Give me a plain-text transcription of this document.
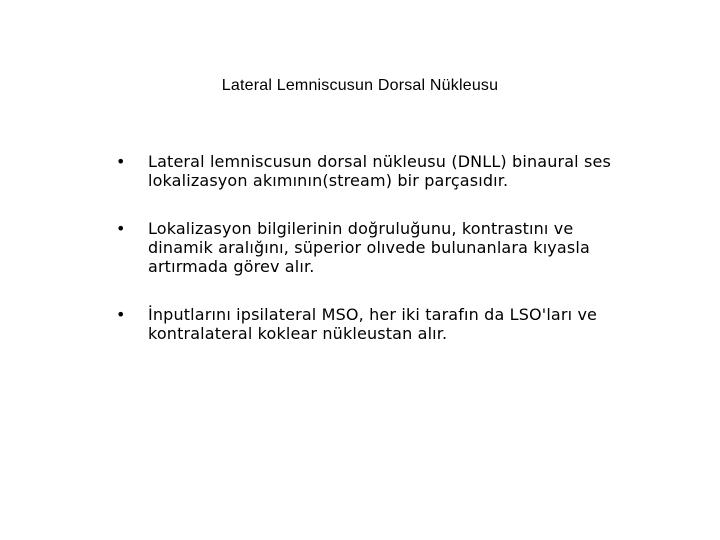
Lateral Lemniscusun Dorsal Nükleusu
•	Lateral lemniscusun dorsal nükleusu (DNLL) binaural ses lokalizasyon akımının(stream) bir parçasıdır.
•	Lokalizasyon bilgilerinin doğruluğunu, kontrastını ve dinamik aralığını, süperior olıvede bulunanlara kıyasla artırmada görev alır.
•	İnputlarını ipsilateral MSO, her iki tarafın da LSO'ları ve kontralateral koklear nükleustan alır.
